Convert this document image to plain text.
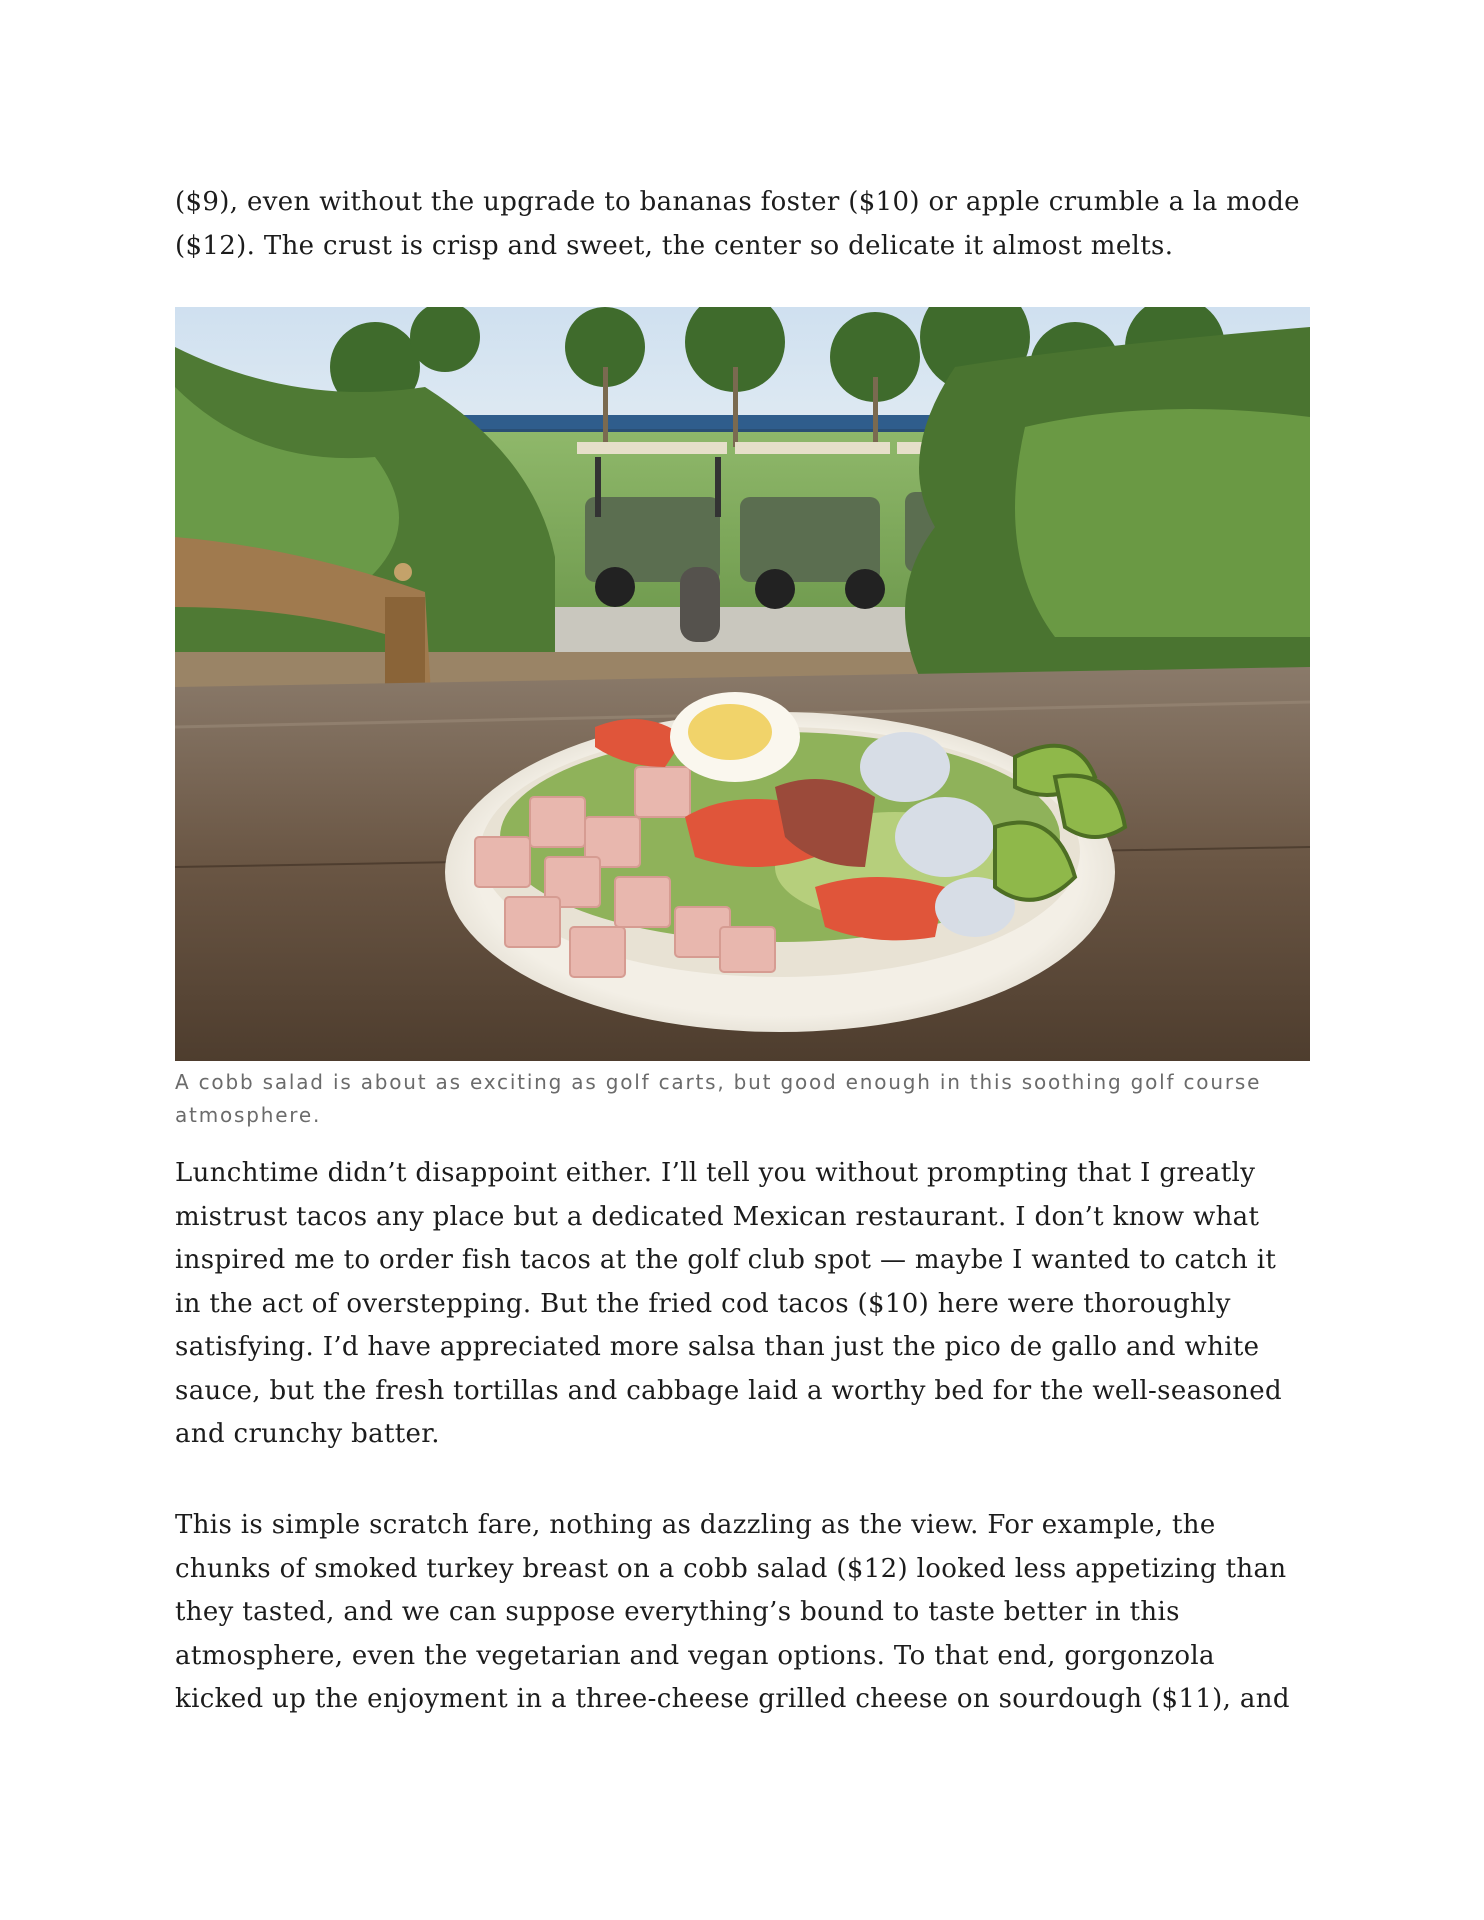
($9), even without the upgrade to bananas foster ($10) or apple crumble a la mode ($12). The crust is crisp and sweet, the center so delicate it almost melts.

A cobb salad is about as exciting as golf carts, but good enough in this soothing golf course atmosphere.

Lunchtime didn’t disappoint either. I’ll tell you without prompting that I greatly mistrust tacos any place but a dedicated Mexican restaurant. I don’t know what inspired me to order fish tacos at the golf club spot — maybe I wanted to catch it in the act of overstepping. But the fried cod tacos ($10) here were thoroughly satisfying. I’d have appreciated more salsa than just the pico de gallo and white sauce, but the fresh tortillas and cabbage laid a worthy bed for the well-seasoned and crunchy batter.

This is simple scratch fare, nothing as dazzling as the view. For example, the chunks of smoked turkey breast on a cobb salad ($12) looked less appetizing than they tasted, and we can suppose everything’s bound to taste better in this atmosphere, even the vegetarian and vegan options. To that end, gorgonzola kicked up the enjoyment in a three-cheese grilled cheese on sourdough ($11), and
